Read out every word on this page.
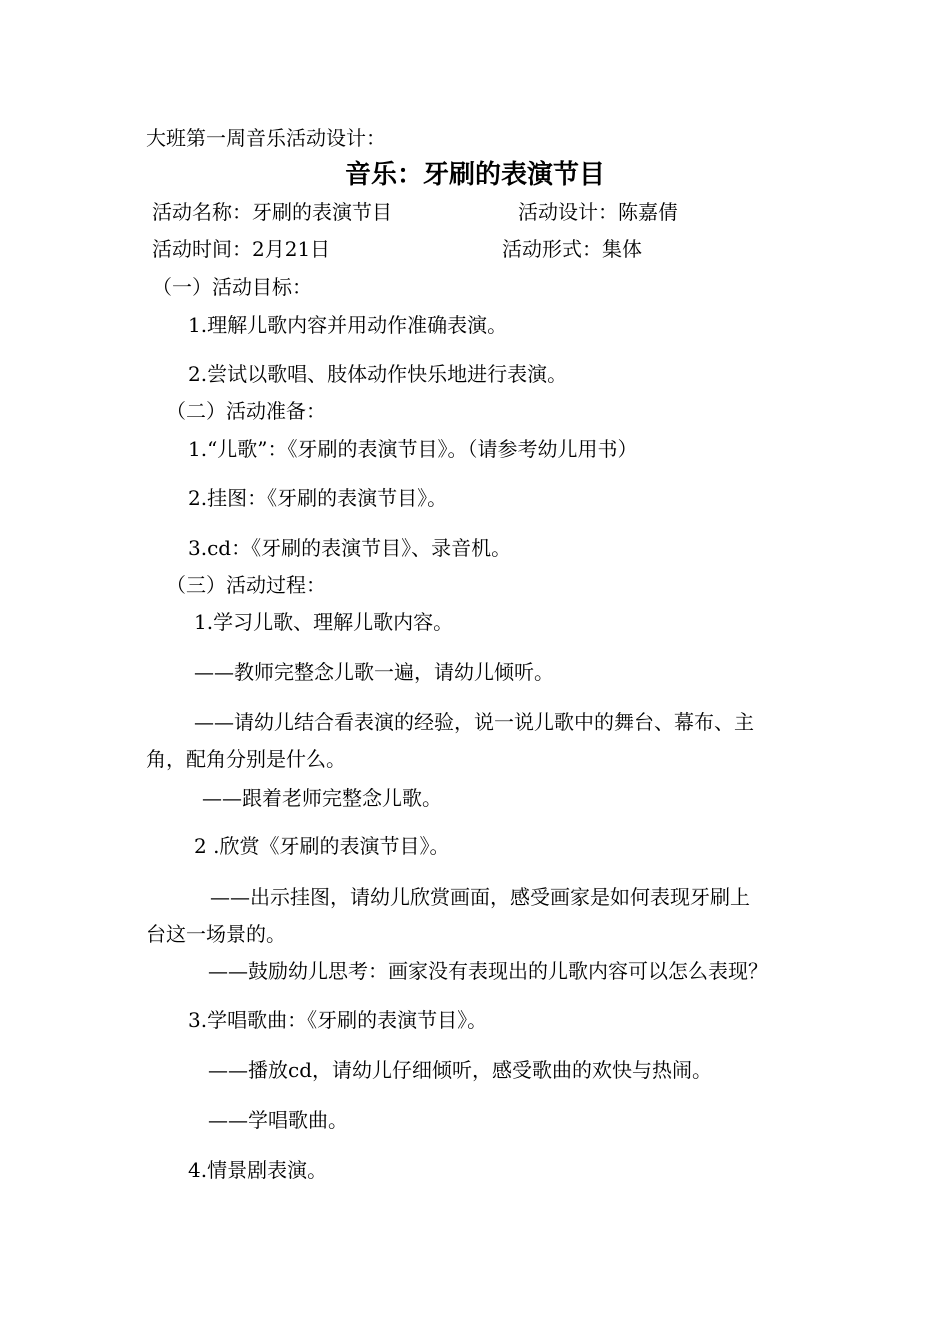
大班第一周音乐活动设计：
音乐：牙刷的表演节目
活动名称：牙刷的表演节目	活动设计：陈嘉倩
活动时间：2月21日	活动形式：集体
（一）活动目标：
1.理解儿歌内容并用动作准确表演。
2.尝试以歌唱、肢体动作快乐地进行表演。
（二）活动准备：
1.“儿歌”：《牙刷的表演节目》。（请参考幼儿用书）
2.挂图：《牙刷的表演节目》。
3.cd：《牙刷的表演节目》、录音机。
（三）活动过程：
1.学习儿歌、理解儿歌内容。
——教师完整念儿歌一遍，请幼儿倾听。
——请幼儿结合看表演的经验，说一说儿歌中的舞台、幕布、主
角，配角分别是什么。
——跟着老师完整念儿歌。
2 .欣赏《牙刷的表演节目》。
——出示挂图，请幼儿欣赏画面，感受画家是如何表现牙刷上
台这一场景的。
——鼓励幼儿思考：画家没有表现出的儿歌内容可以怎么表现？
3.学唱歌曲：《牙刷的表演节目》。
——播放cd，请幼儿仔细倾听，感受歌曲的欢快与热闹。
——学唱歌曲。
4.情景剧表演。
